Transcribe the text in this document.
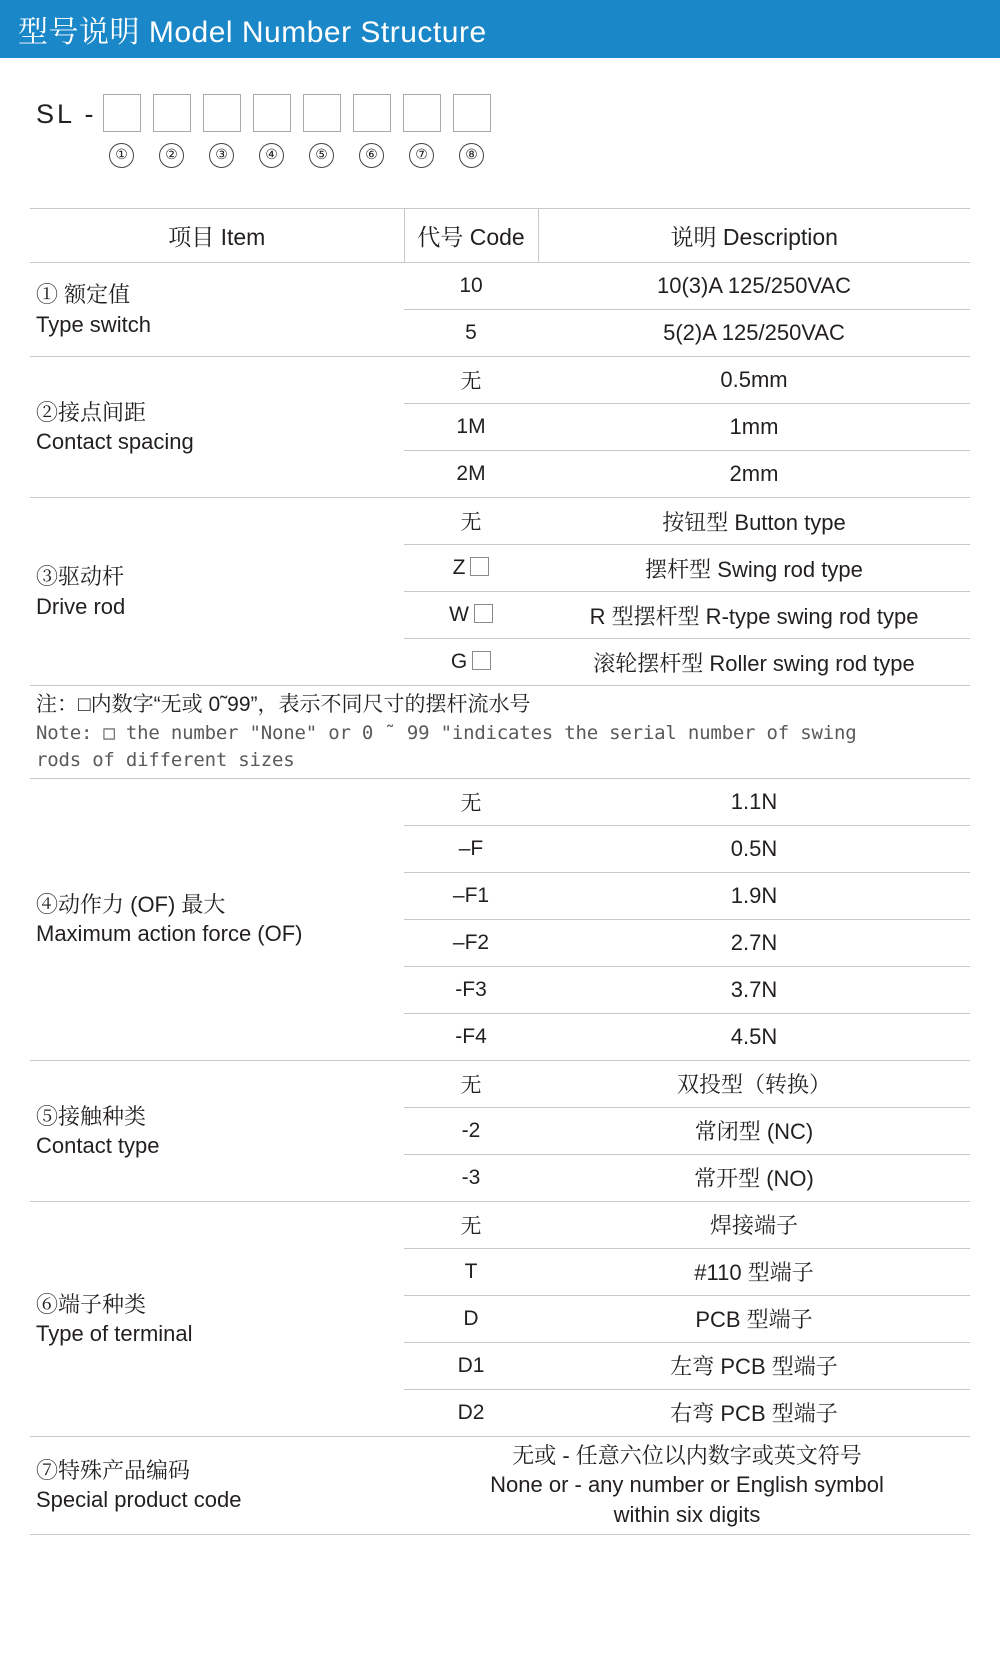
型号说明 Model Number Structure
SL -
①	②	③	④	⑤	⑥	⑦	⑧
项目 Item	代号 Code	说明 Description

① 额定值
Type switch	10	10(3)A 125/250VAC
	5	5(2)A 125/250VAC

②接点间距
Contact spacing	无	0.5mm
	1M	1mm
	2M	2mm

③驱动杆
Drive rod	无	按钮型 Button type
	Z	摆杆型 Swing rod type
	W	R 型摆杆型 R-type swing rod type
	G	滚轮摆杆型 Roller swing rod type

注：□内数字“无或 0˜99”，表示不同尺寸的摆杆流水号
Note: □ the number "None" or 0 ˜ 99 "indicates the serial number of swing
rods of different sizes		

④动作力 (OF) 最大
Maximum action force (OF)	无	1.1N
	–F	0.5N
	–F1	1.9N
	–F2	2.7N
	-F3	3.7N
	-F4	4.5N

⑤接触种类
Contact type	无	双投型（转换）
	-2	常闭型 (NC)
	-3	常开型 (NO)

⑥端子种类
Type of terminal	无	焊接端子
	T	#110 型端子
	D	PCB 型端子
	D1	左弯 PCB 型端子
	D2	右弯 PCB 型端子

⑦特殊产品编码
Special product code

无或 - 任意六位以内数字或英文符号
None or - any number or English symbol
within six digits
